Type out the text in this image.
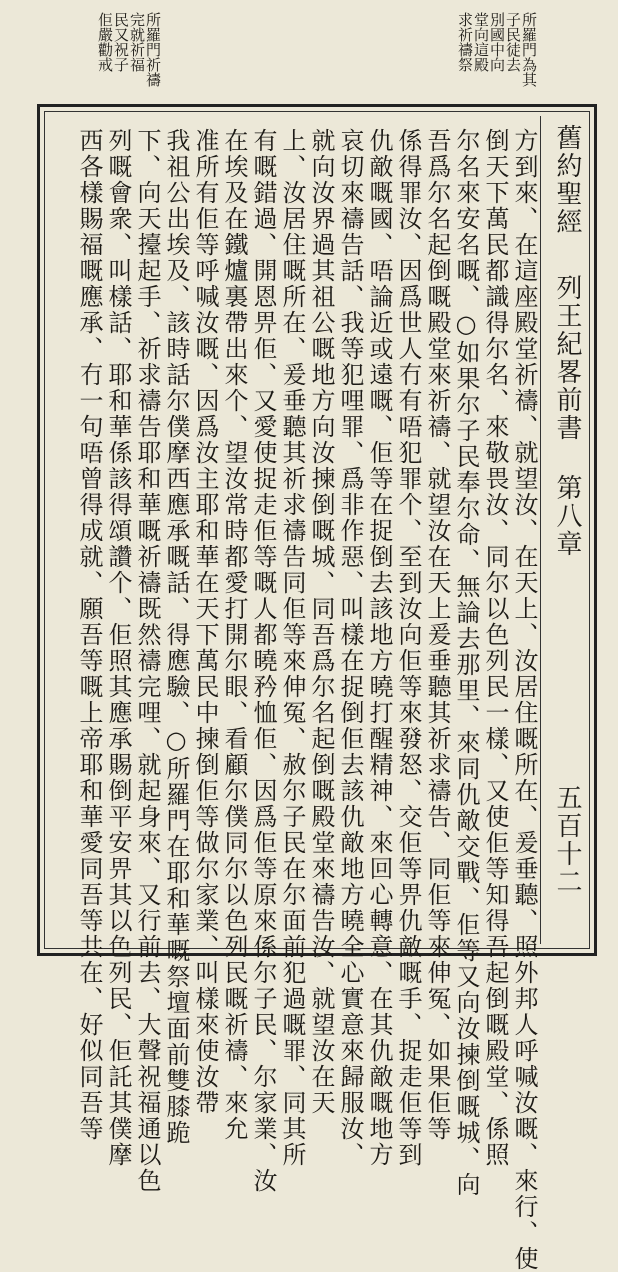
所羅門為其
子民徒去
別國中向
堂向這殿
求祈禱祭
所羅門祈禱
完就祈福
民又祝子
佢嚴勸戒
舊約聖經
列王紀畧前書 第八章
五百十二
方到來、在這座殿堂祈禱、就望汝、在天上、汝居住嘅所在、爰垂聽、照外邦人呼喊汝嘅、來行、使
倒天下萬民都識得尔名、來敬畏汝、同尔以色列民一樣、又使佢等知得吾起倒嘅殿堂、係照
尔名來安名嘅、○如果尔子民奉尔命、無論去那里、來同仇敵交戰、佢等又向汝揀倒嘅城、向
吾爲尔名起倒嘅殿堂來祈禱、就望汝在天上爰垂聽其祈求禱告、同佢等來伸冤、如果佢等
係得罪汝、因爲世人冇有唔犯罪个、至到汝向佢等來發怒、交佢等畀仇敵嘅手、捉走佢等到
仇敵嘅國、唔論近或遠嘅、佢等在捉倒去該地方曉打醒精神、來回心轉意、在其仇敵嘅地方
哀切來禱告話、我等犯哩罪、爲非作惡、叫樣在捉倒佢去該仇敵地方曉全心實意來歸服汝、
就向汝界過其祖公嘅地方向汝揀倒嘅城、同吾爲尔名起倒嘅殿堂來禱告汝、就望汝在天
上、汝居住嘅所在、爰垂聽其祈求禱告同佢等來伸冤、赦尔子民在尔面前犯過嘅罪、同其所
有嘅錯過、開恩畀佢、又愛使捉走佢等嘅人都曉矜恤佢、因爲佢等原來係尔子民、尔家業、汝
在埃及在鐵爐裏帶出來个、望汝常時都愛打開尔眼、看顧尔僕同尔以色列民嘅祈禱、來允
准所有佢等呼喊汝嘅、因爲汝主耶和華在天下萬民中揀倒佢等做尔家業、叫樣來使汝帶
我祖公出埃及、該時話尔僕摩西應承嘅話、得應驗、○所羅門在耶和華嘅祭壇面前雙膝跪
下、向天擡起手、祈求禱告耶和華嘅祈禱既然禱完哩、就起身來、又行前去、大聲祝福通以色
列嘅會衆、叫樣話、耶和華係該得頌讚个、佢照其應承賜倒平安畀其以色列民、佢託其僕摩
西各樣賜福嘅應承、冇一句唔曾得成就、願吾等嘅上帝耶和華愛同吾等共在、好似同吾等
